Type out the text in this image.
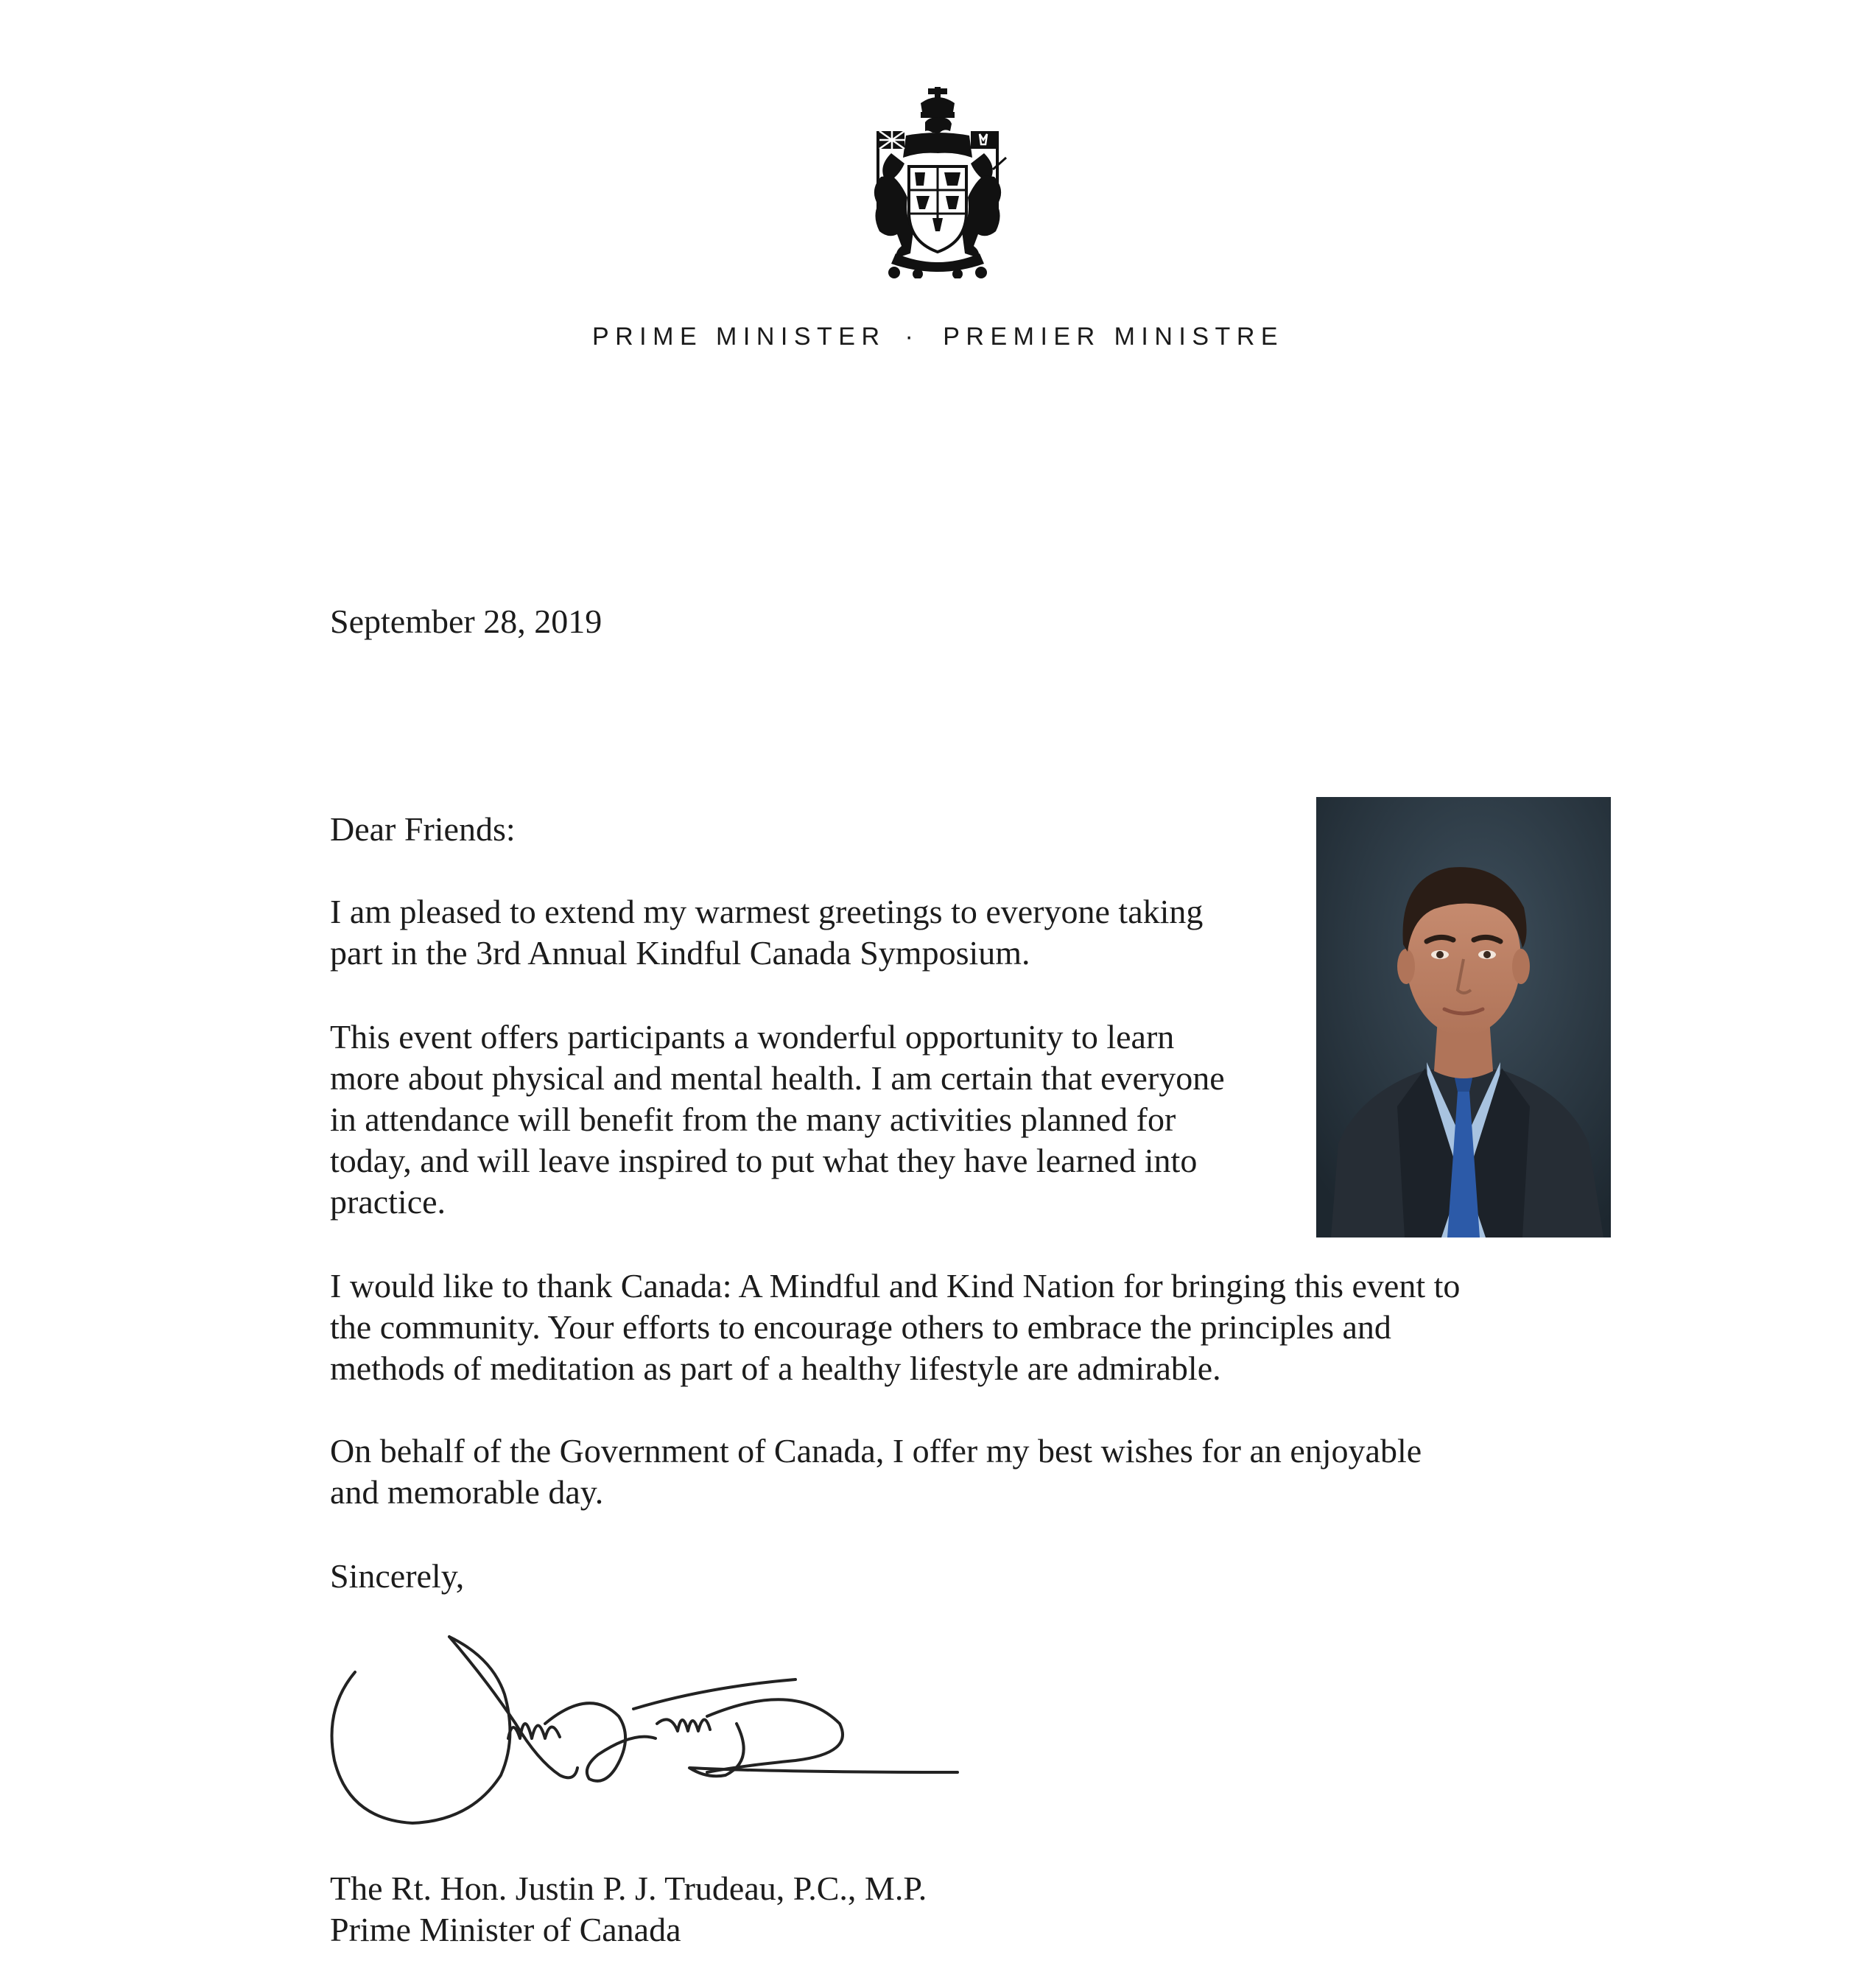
PRIME MINISTER · PREMIER MINISTRE

September 28, 2019

Dear Friends:

I am pleased to extend my warmest greetings to everyone taking
part in the 3rd Annual Kindful Canada Symposium.
This event offers participants a wonderful opportunity to learn
more about physical and mental health. I am certain that everyone
in attendance will benefit from the many activities planned for
today, and will leave inspired to put what they have learned into
practice.
I would like to thank Canada: A Mindful and Kind Nation for bringing this event to
the community. Your efforts to encourage others to embrace the principles and
methods of meditation as part of a healthy lifestyle are admirable.
On behalf of the Government of Canada, I offer my best wishes for an enjoyable
and memorable day.

Sincerely,

The Rt. Hon. Justin P. J. Trudeau, P.C., M.P.

Prime Minister of Canada
